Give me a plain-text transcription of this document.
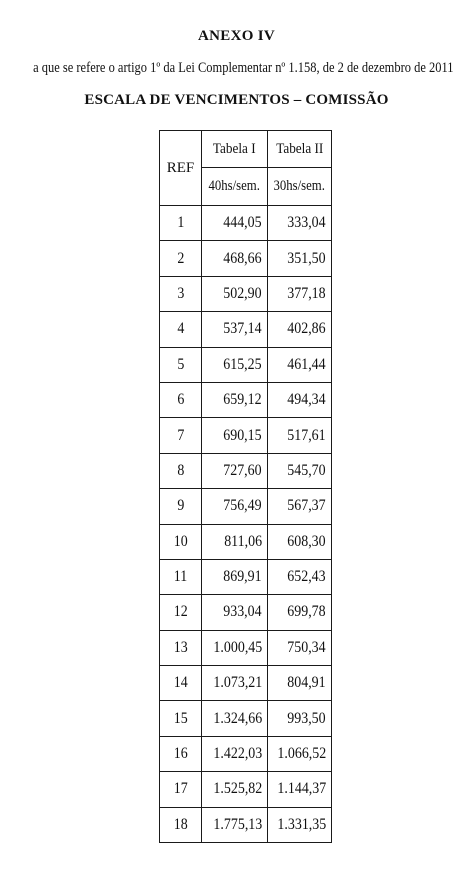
ANEXO IV
a que se refere o artigo 1º da Lei Complementar nº 1.158, de 2 de dezembro de 2011
ESCALA DE VENCIMENTOS – COMISSÃO
REF	Tabela I	Tabela II
	40hs/sem.	30hs/sem.
1	444,05	333,04
2	468,66	351,50
3	502,90	377,18
4	537,14	402,86
5	615,25	461,44
6	659,12	494,34
7	690,15	517,61
8	727,60	545,70
9	756,49	567,37
10	811,06	608,30
11	869,91	652,43
12	933,04	699,78
13	1.000,45	750,34
14	1.073,21	804,91
15	1.324,66	993,50
16	1.422,03	1.066,52
17	1.525,82	1.144,37
18	1.775,13	1.331,35
